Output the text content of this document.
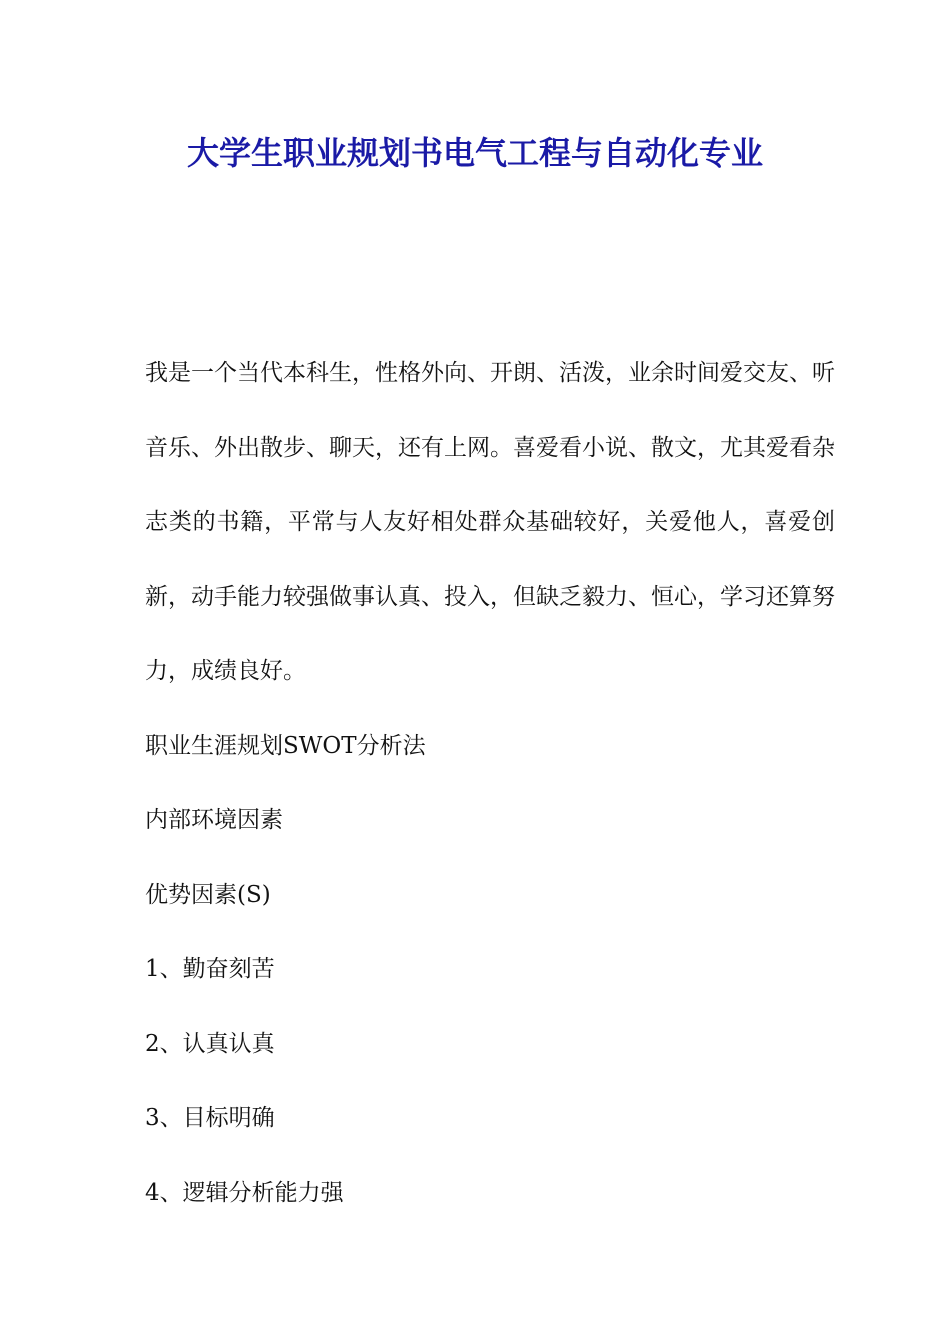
大学生职业规划书电气工程与自动化专业

我是一个当代本科生，性格外向、开朗、活泼，业余时间爱交友、听音乐、外出散步、聊天，还有上网。喜爱看小说、散文，尤其爱看杂志类的书籍，平常与人友好相处群众基础较好，关爱他人，喜爱创新，动手能力较强做事认真、投入，但缺乏毅力、恒心，学习还算努力，成绩良好。

职业生涯规划SWOT分析法

内部环境因素

优势因素(S)

1、勤奋刻苦

2、认真认真

3、目标明确

4、逻辑分析能力强
